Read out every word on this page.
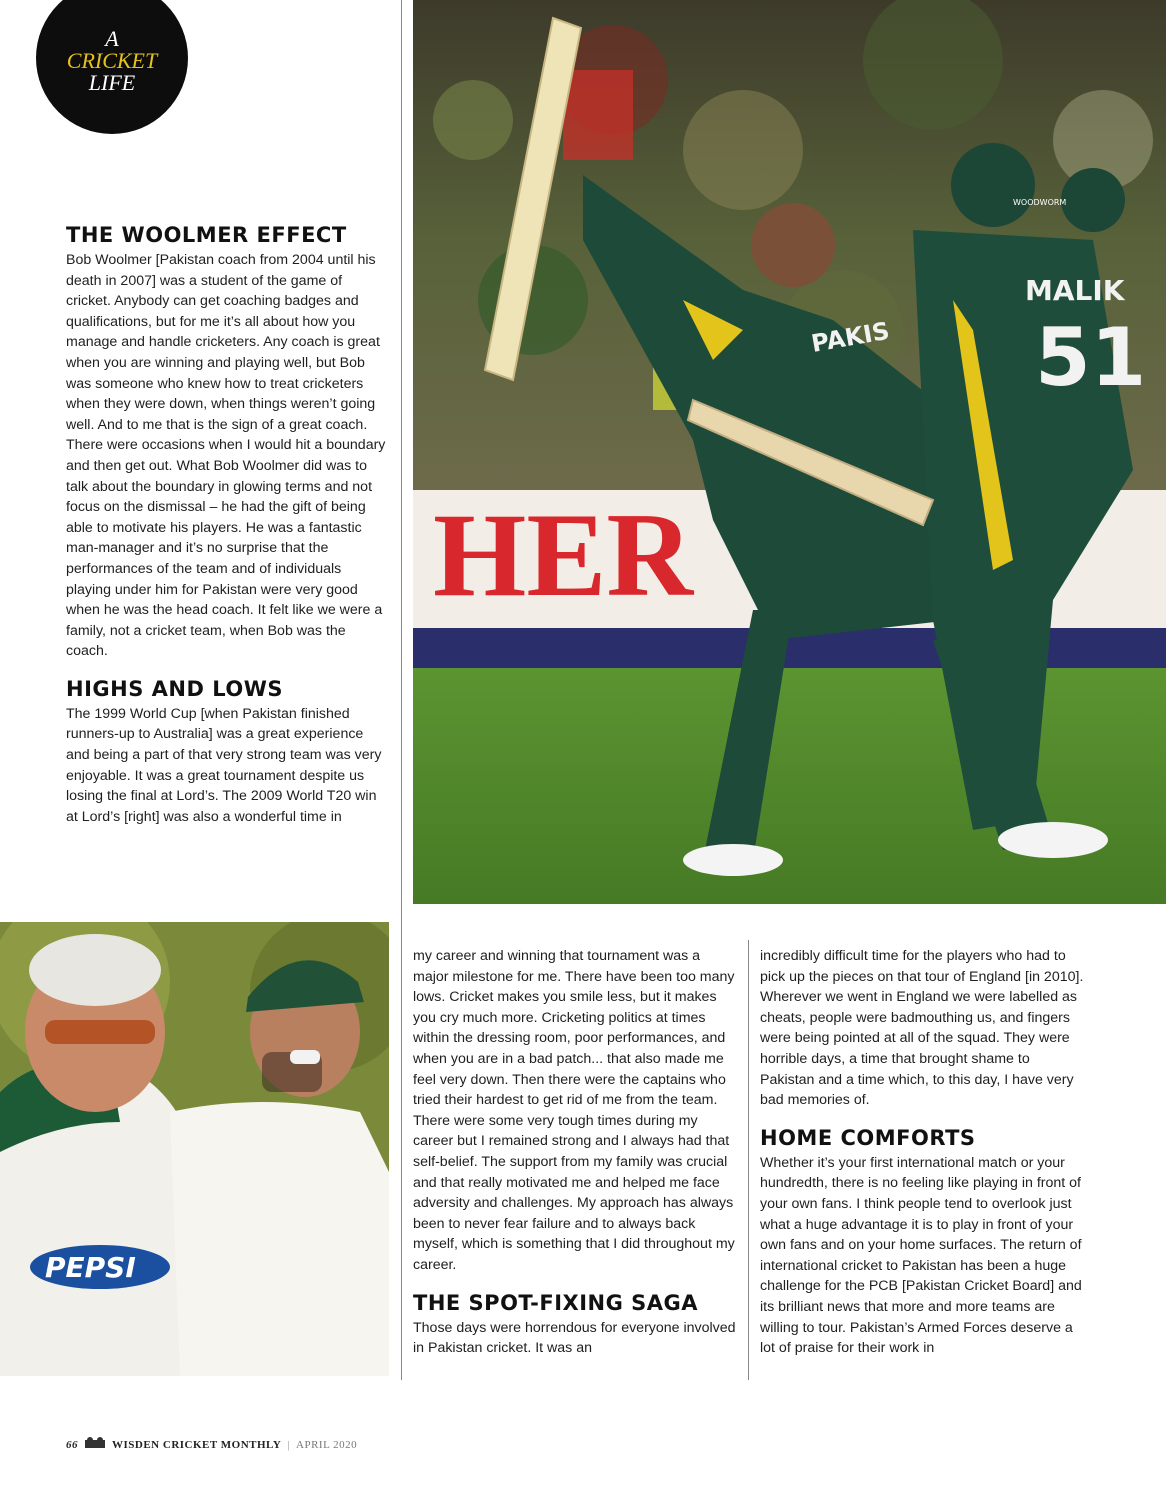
A
CRICKET
LIFE
HER
PAKIS
MALIK
51
WOODWORM
PEPSI
THE WOOLMER EFFECT

Bob Woolmer [Pakistan coach from 2004 until his death in 2007] was a student of the game of cricket. Anybody can get coaching badges and qualifications, but for me it’s all about how you manage and handle cricketers. Any coach is great when you are winning and playing well, but Bob was someone who knew how to treat cricketers when they were down, when things weren’t going well. And to me that is the sign of a great coach. There were occasions when I would hit a boundary and then get out. What Bob Woolmer did was to talk about the boundary in glowing terms and not focus on the dismissal – he had the gift of being able to motivate his players. He was a fantastic man-manager and it’s no surprise that the performances of the team and of individuals playing under him for Pakistan were very good when he was the head coach. It felt like we were a family, not a cricket team, when Bob was the coach.

HIGHS AND LOWS

The 1999 World Cup [when Pakistan finished runners-up to Australia] was a great experience and being a part of that very strong team was very enjoyable. It was a great tournament despite us losing the final at Lord’s. The 2009 World T20 win at Lord’s [right] was also a wonderful time in

my career and winning that tournament was a major milestone for me. There have been too many lows. Cricket makes you smile less, but it makes you cry much more. Cricketing politics at times within the dressing room, poor performances, and when you are in a bad patch... that also made me feel very down. Then there were the captains who tried their hardest to get rid of me from the team. There were some very tough times during my career but I remained strong and I always had that self-belief. The support from my family was crucial and that really motivated me and helped me face adversity and challenges. My approach has always been to never fear failure and to always back myself, which is something that I did throughout my career.

THE SPOT-FIXING SAGA

Those days were horrendous for everyone involved in Pakistan cricket. It was an

incredibly difficult time for the players who had to pick up the pieces on that tour of England [in 2010]. Wherever we went in England we were labelled as cheats, people were badmouthing us, and fingers were being pointed at all of the squad. They were horrible days, a time that brought shame to Pakistan and a time which, to this day, I have very bad memories of.

HOME COMFORTS

Whether it’s your first international match or your hundredth, there is no feeling like playing in front of your own fans. I think people tend to overlook just what a huge advantage it is to play in front of your own fans and on your home surfaces. The return of international cricket to Pakistan has been a huge challenge for the PCB [Pakistan Cricket Board] and its brilliant news that more and more teams are willing to tour. Pakistan’s Armed Forces deserve a lot of praise for their work in

66	WISDEN CRICKET MONTHLY | APRIL 2020
